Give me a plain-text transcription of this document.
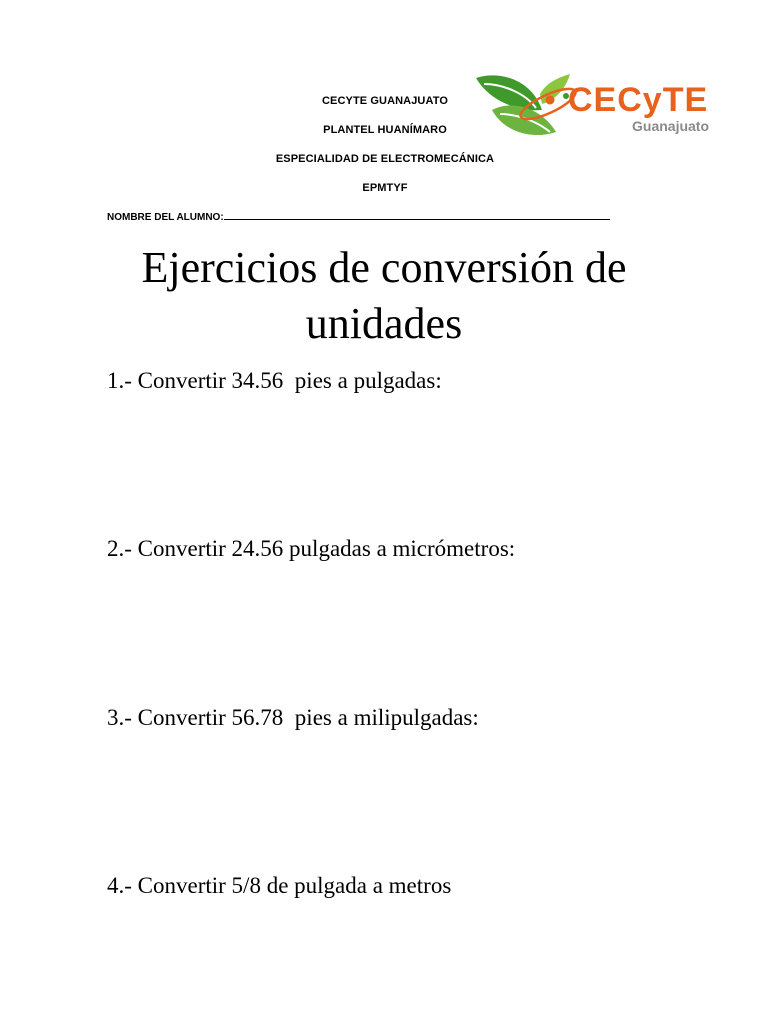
CECYTE GUANAJUATO
PLANTEL HUANÍMARO
ESPECIALIDAD DE ELECTROMECÁNICA
EPMTYF
NOMBRE DEL ALUMNO:
CECyTE
Guanajuato
Ejercicios de conversión de
unidades
1.- Convertir 34.56  pies a pulgadas:
2.- Convertir 24.56 pulgadas a micrómetros:
3.- Convertir 56.78  pies a milipulgadas:
4.- Convertir 5/8 de pulgada a metros
